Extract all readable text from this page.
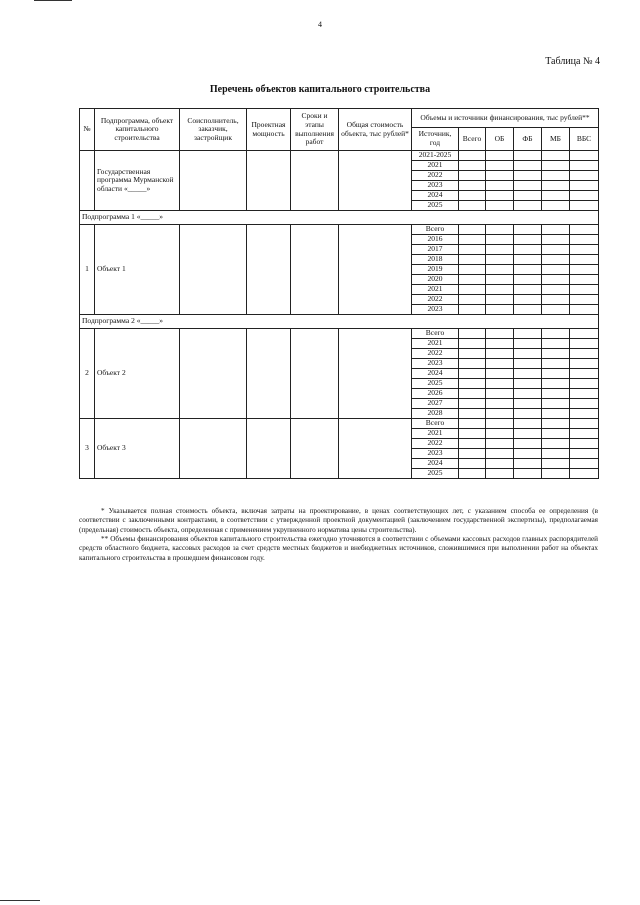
4
Таблица № 4
Перечень объектов капитального строительства
№	Подпрограмма, объект капитального строительства	Соисполнитель, заказчик, застройщик	Проектная мощность	Сроки и этапы выполнения работ	Общая стоимость объекта, тыс рублей*	Объемы и источники финансирования, тыс рублей**					
						Источник, год	Всего	ОБ	ФБ	МБ	ВБС
	Государственная программа Мурманской области «_____»					2021-2025					
						2021					
						2022					
						2023					
						2024					
						2025					
Подпрограмма 1 «_____»											
1	Объект 1					Всего					
						2016					
						2017					
						2018					
						2019					
						2020					
						2021					
						2022					
						2023					
Подпрограмма 2 «_____»											
2	Объект 2					Всего					
						2021					
						2022					
						2023					
						2024					
						2025					
						2026					
						2027					
						2028					
3	Объект 3					Всего					
						2021					
						2022					
						2023					
						2024					
						2025					

* Указывается полная стоимость объекта, включая затраты на проектирование, в ценах соответствующих лет, с указанием способа ее определения (в соответствии с заключенными контрактами, в соответствии с утвержденной проектной документацией (заключением государственной экспертизы), предполагаемая (предельная) стоимость объекта, определенная с применением укрупненного норматива цены строительства).

** Объемы финансирования объектов капитального строительства ежегодно уточняются в соответствии с объемами кассовых расходов главных распорядителей средств областного бюджета, кассовых расходов за счет средств местных бюджетов и внебюджетных источников, сложившимися при выполнении работ на объектах капитального строительства в прошедшем финансовом году.
